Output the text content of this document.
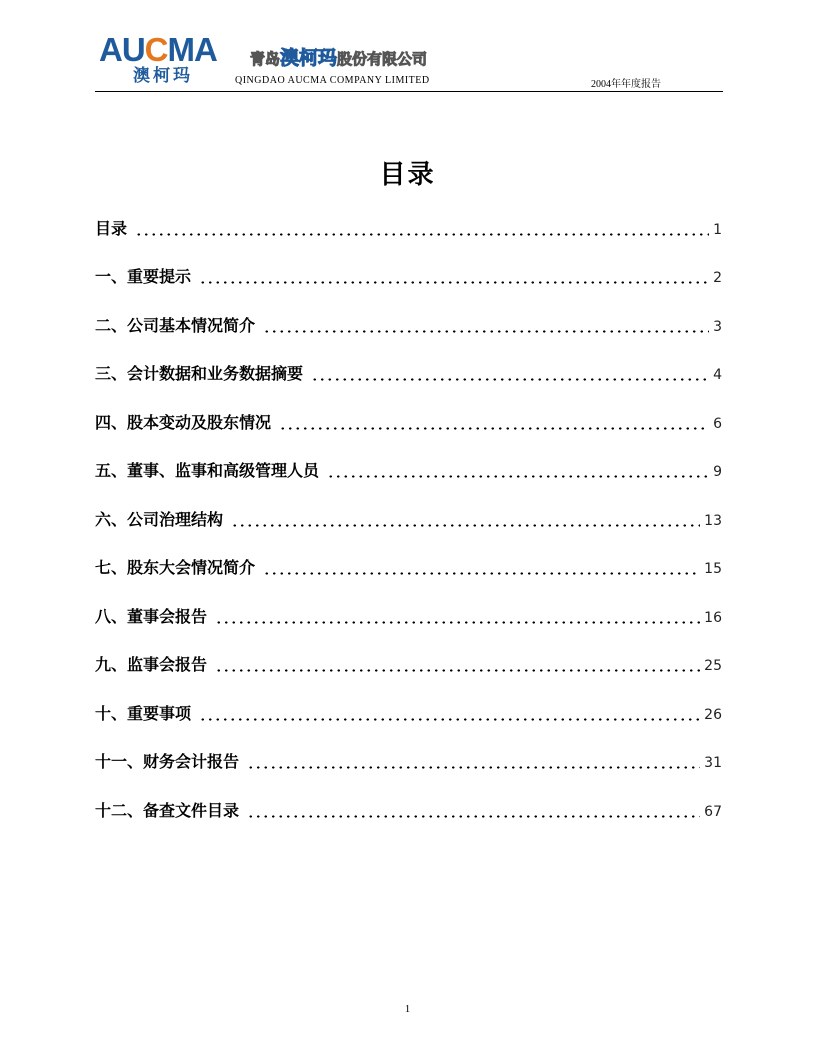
AUCMA
澳柯玛
青岛澳柯玛股份有限公司
QINGDAO AUCMA COMPANY LIMITED	2004年年度报告
目录
目录	1
一、重要提示	2
二、公司基本情况简介	3
三、会计数据和业务数据摘要	4
四、股本变动及股东情况	6
五、董事、监事和高级管理人员	9
六、公司治理结构	13
七、股东大会情况简介	15
八、董事会报告	16
九、监事会报告	25
十、重要事项	26
十一、财务会计报告	31
十二、备查文件目录	67
1
